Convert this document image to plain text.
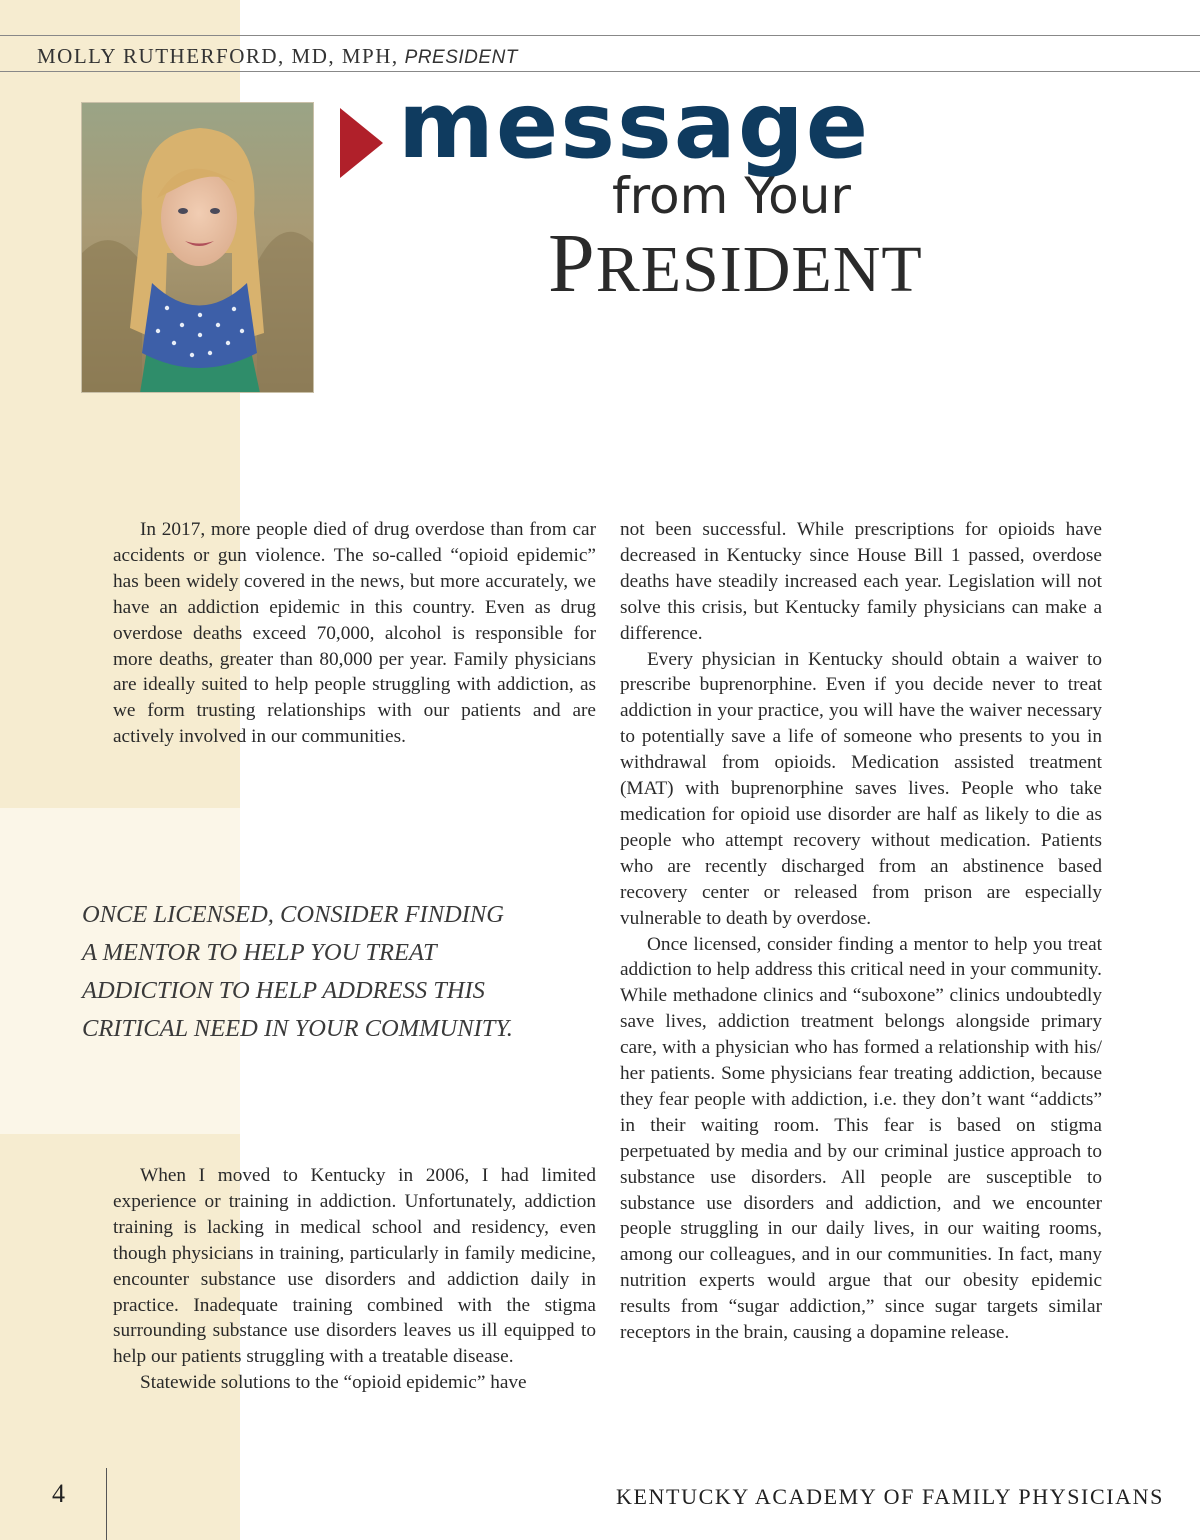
MOLLY RUTHERFORD, MD, MPH, PRESIDENT
message
from Your
PRESIDENT

In 2017, more people died of drug overdose than from car accidents or gun violence. The so-called “opioid epidemic” has been widely covered in the news, but more accurately, we have an addiction epidemic in this country. Even as drug overdose deaths exceed 70,000, alcohol is responsible for more deaths, greater than 80,000 per year. Family physicians are ideally suited to help people struggling with addiction, as we form trusting relationships with our patients and are actively involved in our communities.

ONCE LICENSED, CONSIDER FINDING
A MENTOR TO HELP YOU TREAT
ADDICTION TO HELP ADDRESS THIS
CRITICAL NEED IN YOUR COMMUNITY.

When I moved to Kentucky in 2006, I had limited experience or training in addiction. Unfortunately, addiction training is lacking in medical school and residency, even though physicians in training, particularly in family medicine, encounter substance use disorders and addiction daily in practice. Inadequate training combined with the stigma surrounding substance use disorders leaves us ill equipped to help our patients struggling with a treatable disease.

Statewide solutions to the “opioid epidemic” have

not been successful. While prescriptions for opioids have decreased in Kentucky since House Bill 1 passed, overdose deaths have steadily increased each year. Legislation will not solve this crisis, but Kentucky family physicians can make a difference.

Every physician in Kentucky should obtain a waiver to prescribe buprenorphine. Even if you decide never to treat addiction in your practice, you will have the waiver necessary to potentially save a life of someone who presents to you in withdrawal from opioids. Medication assisted treatment (MAT) with buprenorphine saves lives. People who take medication for opioid use disorder are half as likely to die as people who attempt recovery without medication. Patients who are recently discharged from an abstinence based recovery center or released from prison are especially vulnerable to death by overdose.

Once licensed, consider finding a mentor to help you treat addiction to help address this critical need in your community. While methadone clinics and “suboxone” clinics undoubtedly save lives, addiction treatment belongs alongside primary care, with a physician who has formed a relationship with his/ her patients. Some physicians fear treating addiction, because they fear people with addiction, i.e. they don’t want “addicts” in their waiting room. This fear is based on stigma perpetuated by media and by our criminal justice approach to substance use disorders. All people are susceptible to substance use disorders and addiction, and we encounter people struggling in our daily lives, in our waiting rooms, among our colleagues, and in our communities. In fact, many nutrition experts would argue that our obesity epidemic results from “sugar addiction,” since sugar targets similar receptors in the brain, causing a dopamine release.

4	KENTUCKY ACADEMY OF FAMILY PHYSICIANS
